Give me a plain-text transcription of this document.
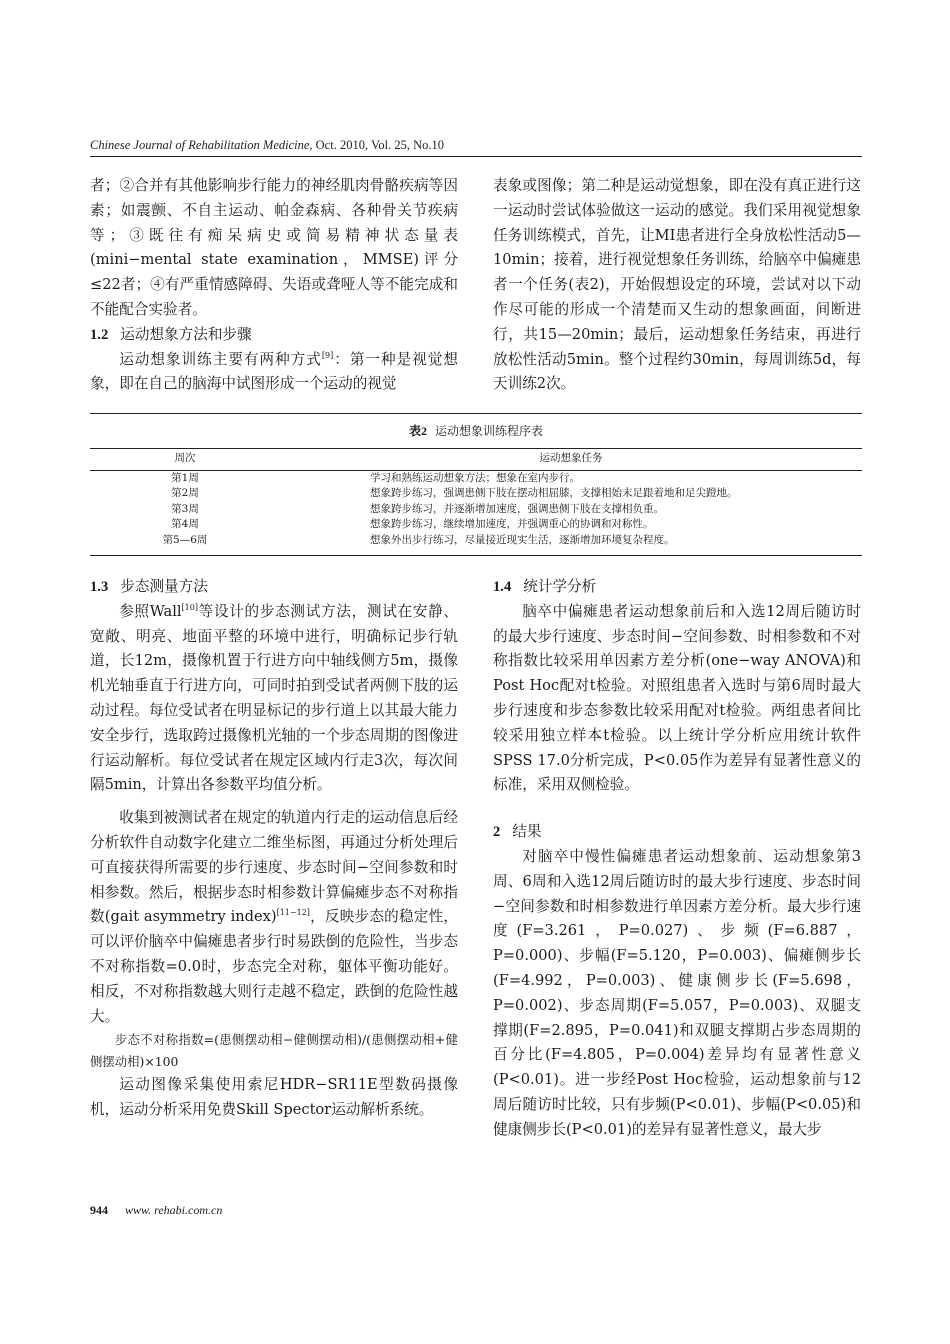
Chinese Journal of Rehabilitation Medicine, Oct. 2010, Vol. 25, No.10

者；②合并有其他影响步行能力的神经肌肉骨骼疾病等因素；如震颤、不自主运动、帕金森病、各种骨关节疾病等；③既往有痴呆病史或简易精神状态量表(mini−mental state examination，MMSE)评分≤22者；④有严重情感障碍、失语或聋哑人等不能完成和不能配合实验者。

1.2 运动想象方法和步骤

运动想象训练主要有两种方式[9]：第一种是视觉想象，即在自己的脑海中试图形成一个运动的视觉

表象或图像；第二种是运动觉想象，即在没有真正进行这一运动时尝试体验做这一运动的感觉。我们采用视觉想象任务训练模式，首先，让MI患者进行全身放松性活动5—10min；接着，进行视觉想象任务训练，给脑卒中偏瘫患者一个任务(表2)，开始假想设定的环境，尝试对以下动作尽可能的形成一个清楚而又生动的想象画面，间断进行，共15—20min；最后，运动想象任务结束，再进行放松性活动5min。整个过程约30min，每周训练5d，每天训练2次。

表2 运动想象训练程序表
周次	运动想象任务
第1周	学习和熟练运动想象方法；想象在室内步行。
第2周	想象跨步练习，强调患侧下肢在摆动相屈膝，支撑相始末足跟着地和足尖蹬地。
第3周	想象跨步练习，并逐渐增加速度，强调患侧下肢在支撑相负重。
第4周	想象跨步练习，继续增加速度，并强调重心的协调和对称性。
第5—6周	想象外出步行练习，尽量接近现实生活，逐渐增加环境复杂程度。

1.3 步态测量方法

参照Wall[10]等设计的步态测试方法，测试在安静、宽敞、明亮、地面平整的环境中进行，明确标记步行轨道，长12m，摄像机置于行进方向中轴线侧方5m，摄像机光轴垂直于行进方向，可同时拍到受试者两侧下肢的运动过程。每位受试者在明显标记的步行道上以其最大能力安全步行，选取跨过摄像机光轴的一个步态周期的图像进行运动解析。每位受试者在规定区域内行走3次，每次间隔5min，计算出各参数平均值分析。

收集到被测试者在规定的轨道内行走的运动信息后经分析软件自动数字化建立二维坐标图，再通过分析处理后可直接获得所需要的步行速度、步态时间−空间参数和时相参数。然后，根据步态时相参数计算偏瘫步态不对称指数(gait asymmetry index)[11−12]，反映步态的稳定性，可以评价脑卒中偏瘫患者步行时易跌倒的危险性，当步态不对称指数=0.0时，步态完全对称，躯体平衡功能好。相反，不对称指数越大则行走越不稳定，跌倒的危险性越大。

步态不对称指数=(患侧摆动相−健侧摆动相)/(患侧摆动相+健侧摆动相)×100

运动图像采集使用索尼HDR−SR11E型数码摄像机，运动分析采用免费Skill Spector运动解析系统。

1.4 统计学分析

脑卒中偏瘫患者运动想象前后和入选12周后随访时的最大步行速度、步态时间−空间参数、时相参数和不对称指数比较采用单因素方差分析(one−way ANOVA)和Post Hoc配对t检验。对照组患者入选时与第6周时最大步行速度和步态参数比较采用配对t检验。两组患者间比较采用独立样本t检验。以上统计学分析应用统计软件SPSS 17.0分析完成，P<0.05作为差异有显著性意义的标准，采用双侧检验。

2 结果

对脑卒中慢性偏瘫患者运动想象前、运动想象第3周、6周和入选12周后随访时的最大步行速度、步态时间−空间参数和时相参数进行单因素方差分析。最大步行速度(F=3.261，P=0.027)、步频(F=6.887，P=0.000)、步幅(F=5.120，P=0.003)、偏瘫侧步长(F=4.992，P=0.003)、健康侧步长(F=5.698，P=0.002)、步态周期(F=5.057，P=0.003)、双腿支撑期(F=2.895，P=0.041)和双腿支撑期占步态周期的百分比(F=4.805，P=0.004)差异均有显著性意义(P<0.01)。进一步经Post Hoc检验，运动想象前与12周后随访时比较，只有步频(P<0.01)、步幅(P<0.05)和健康侧步长(P<0.01)的差异有显著性意义，最大步

944 www. rehabi.com.cn
